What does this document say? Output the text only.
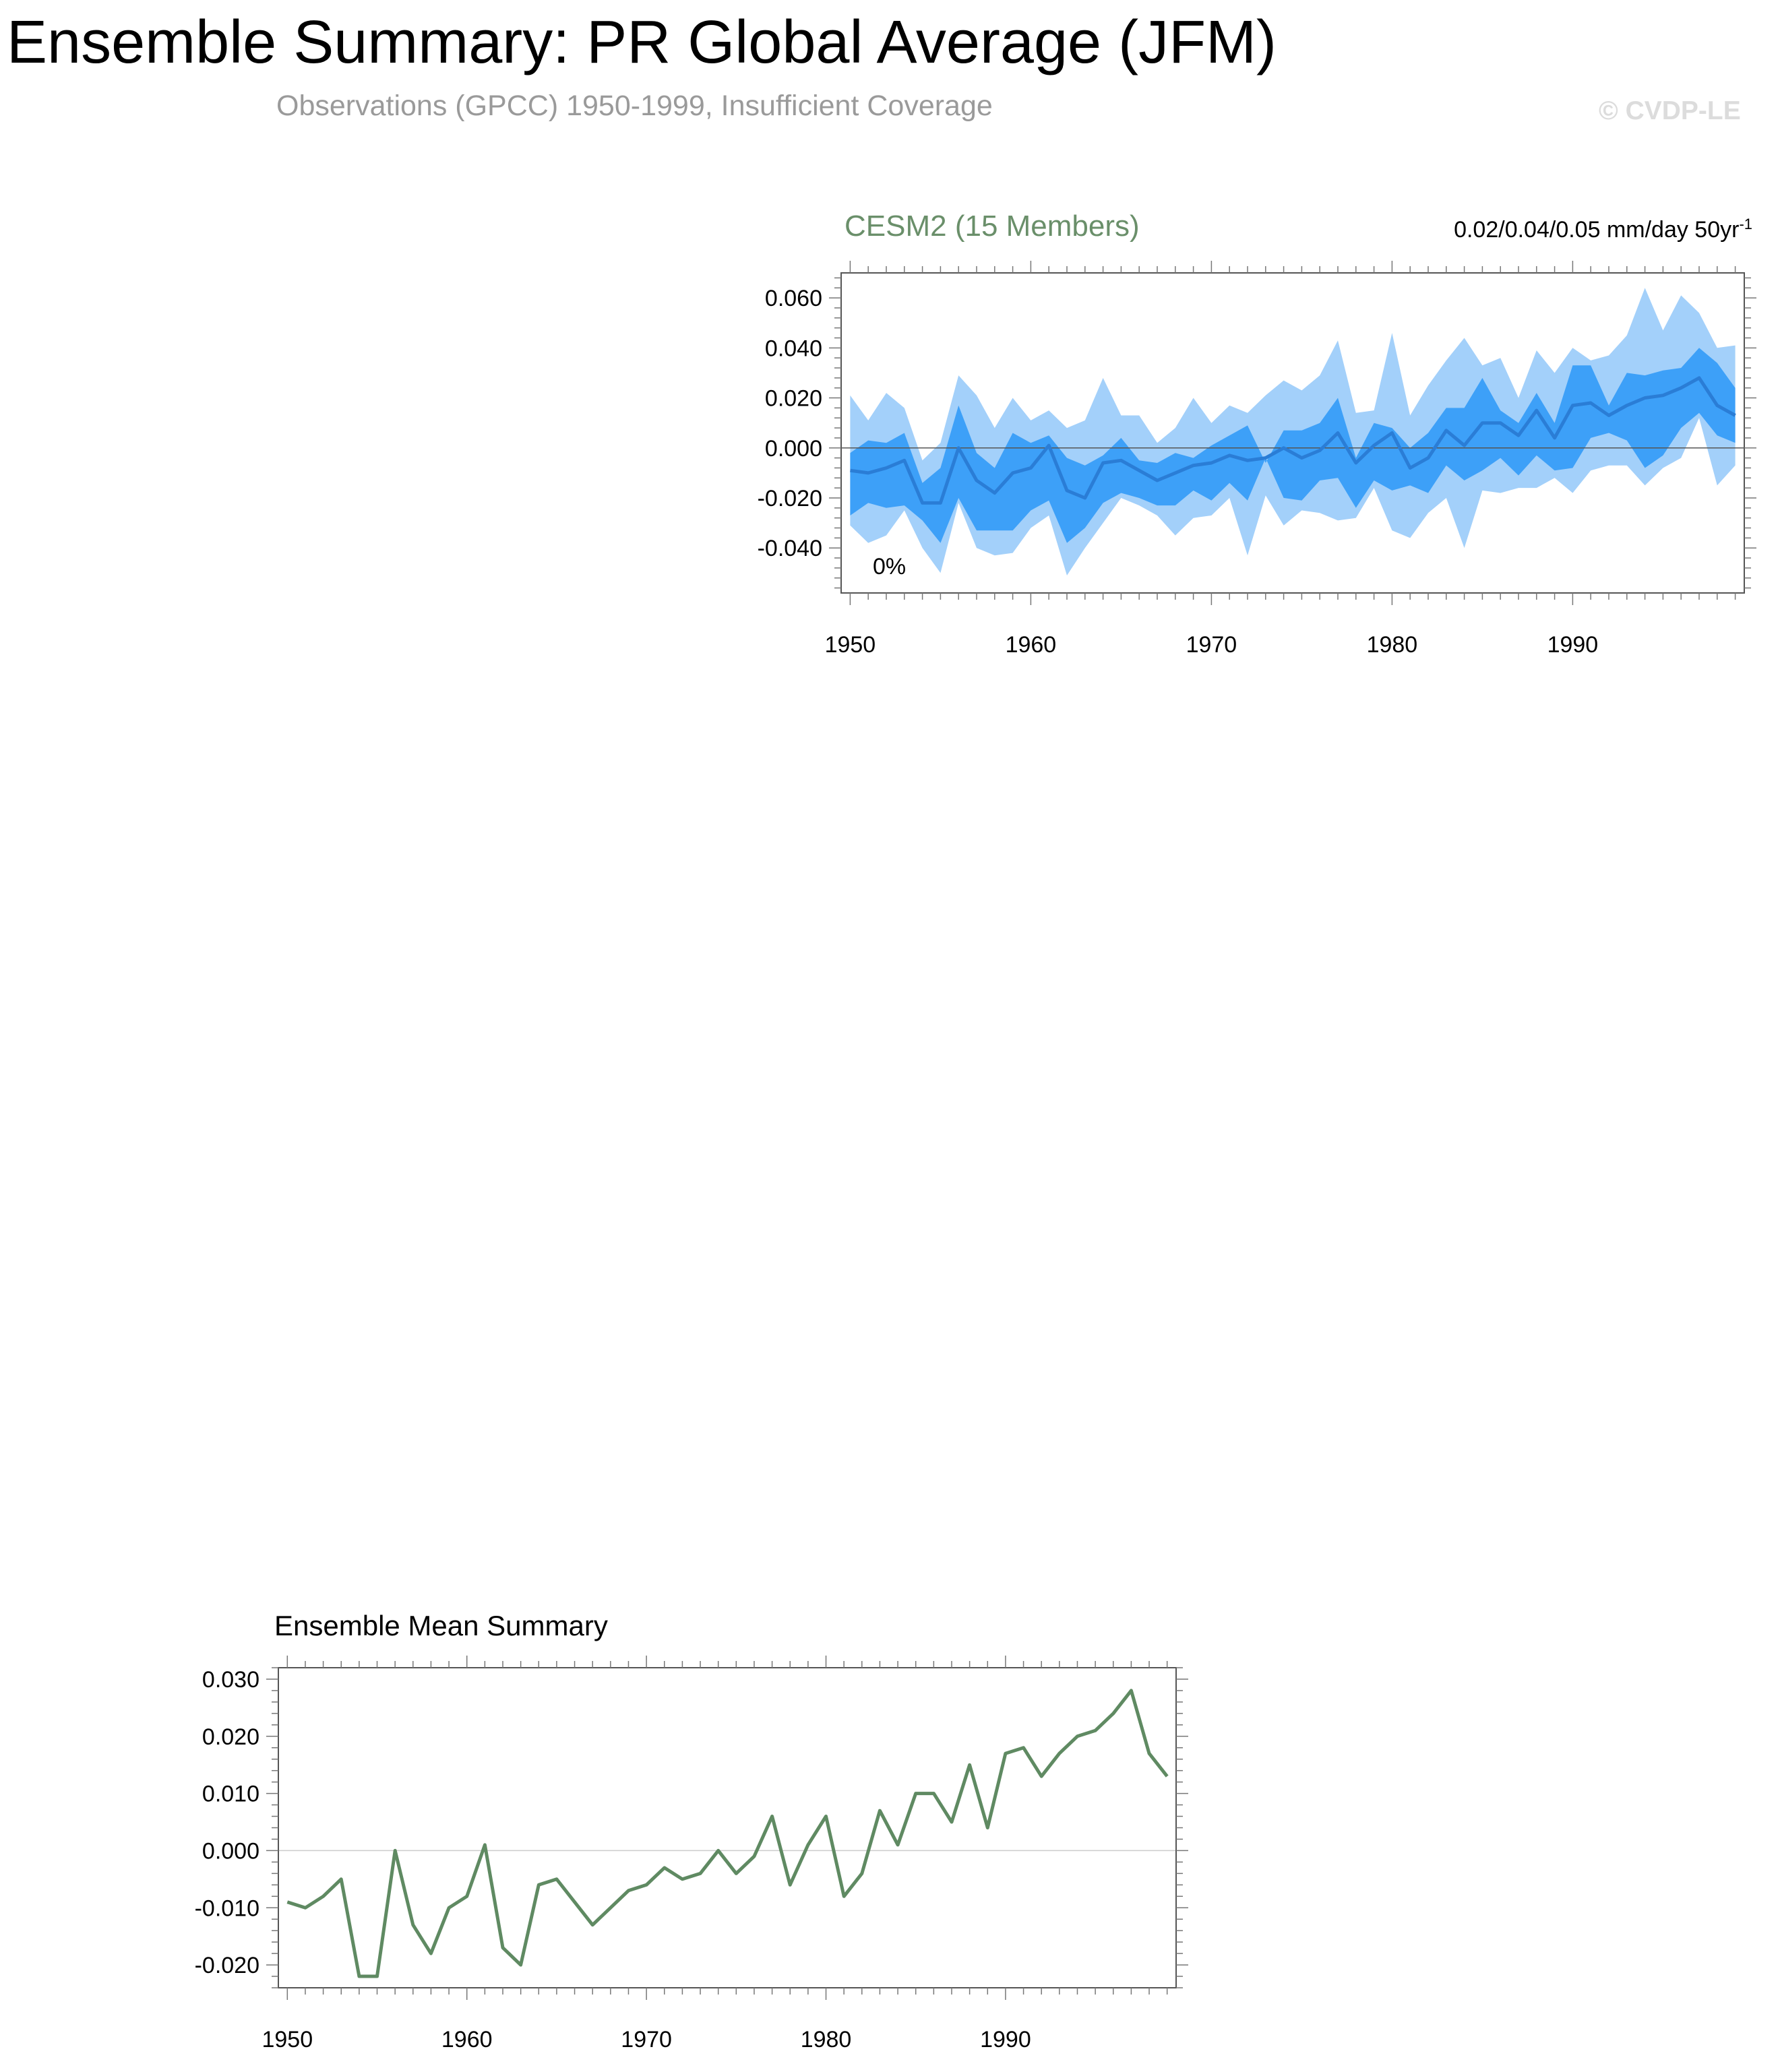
Ensemble Summary: PR Global Average (JFM)
Observations (GPCC) 1950-1999, Insufficient Coverage	© CVDP-LE
CESM2 (15 Members)	0.02/0.04/0.05 mm/day $50yr^{-1}$
0%
Ensemble Mean Summary
-0.040
-0.020
0.000
0.020
0.040
0.060
1950	1960	1970	1980	1990
-0.020
-0.010
0.000
0.010
0.020
0.030
1950	1960	1970	1980	1990
